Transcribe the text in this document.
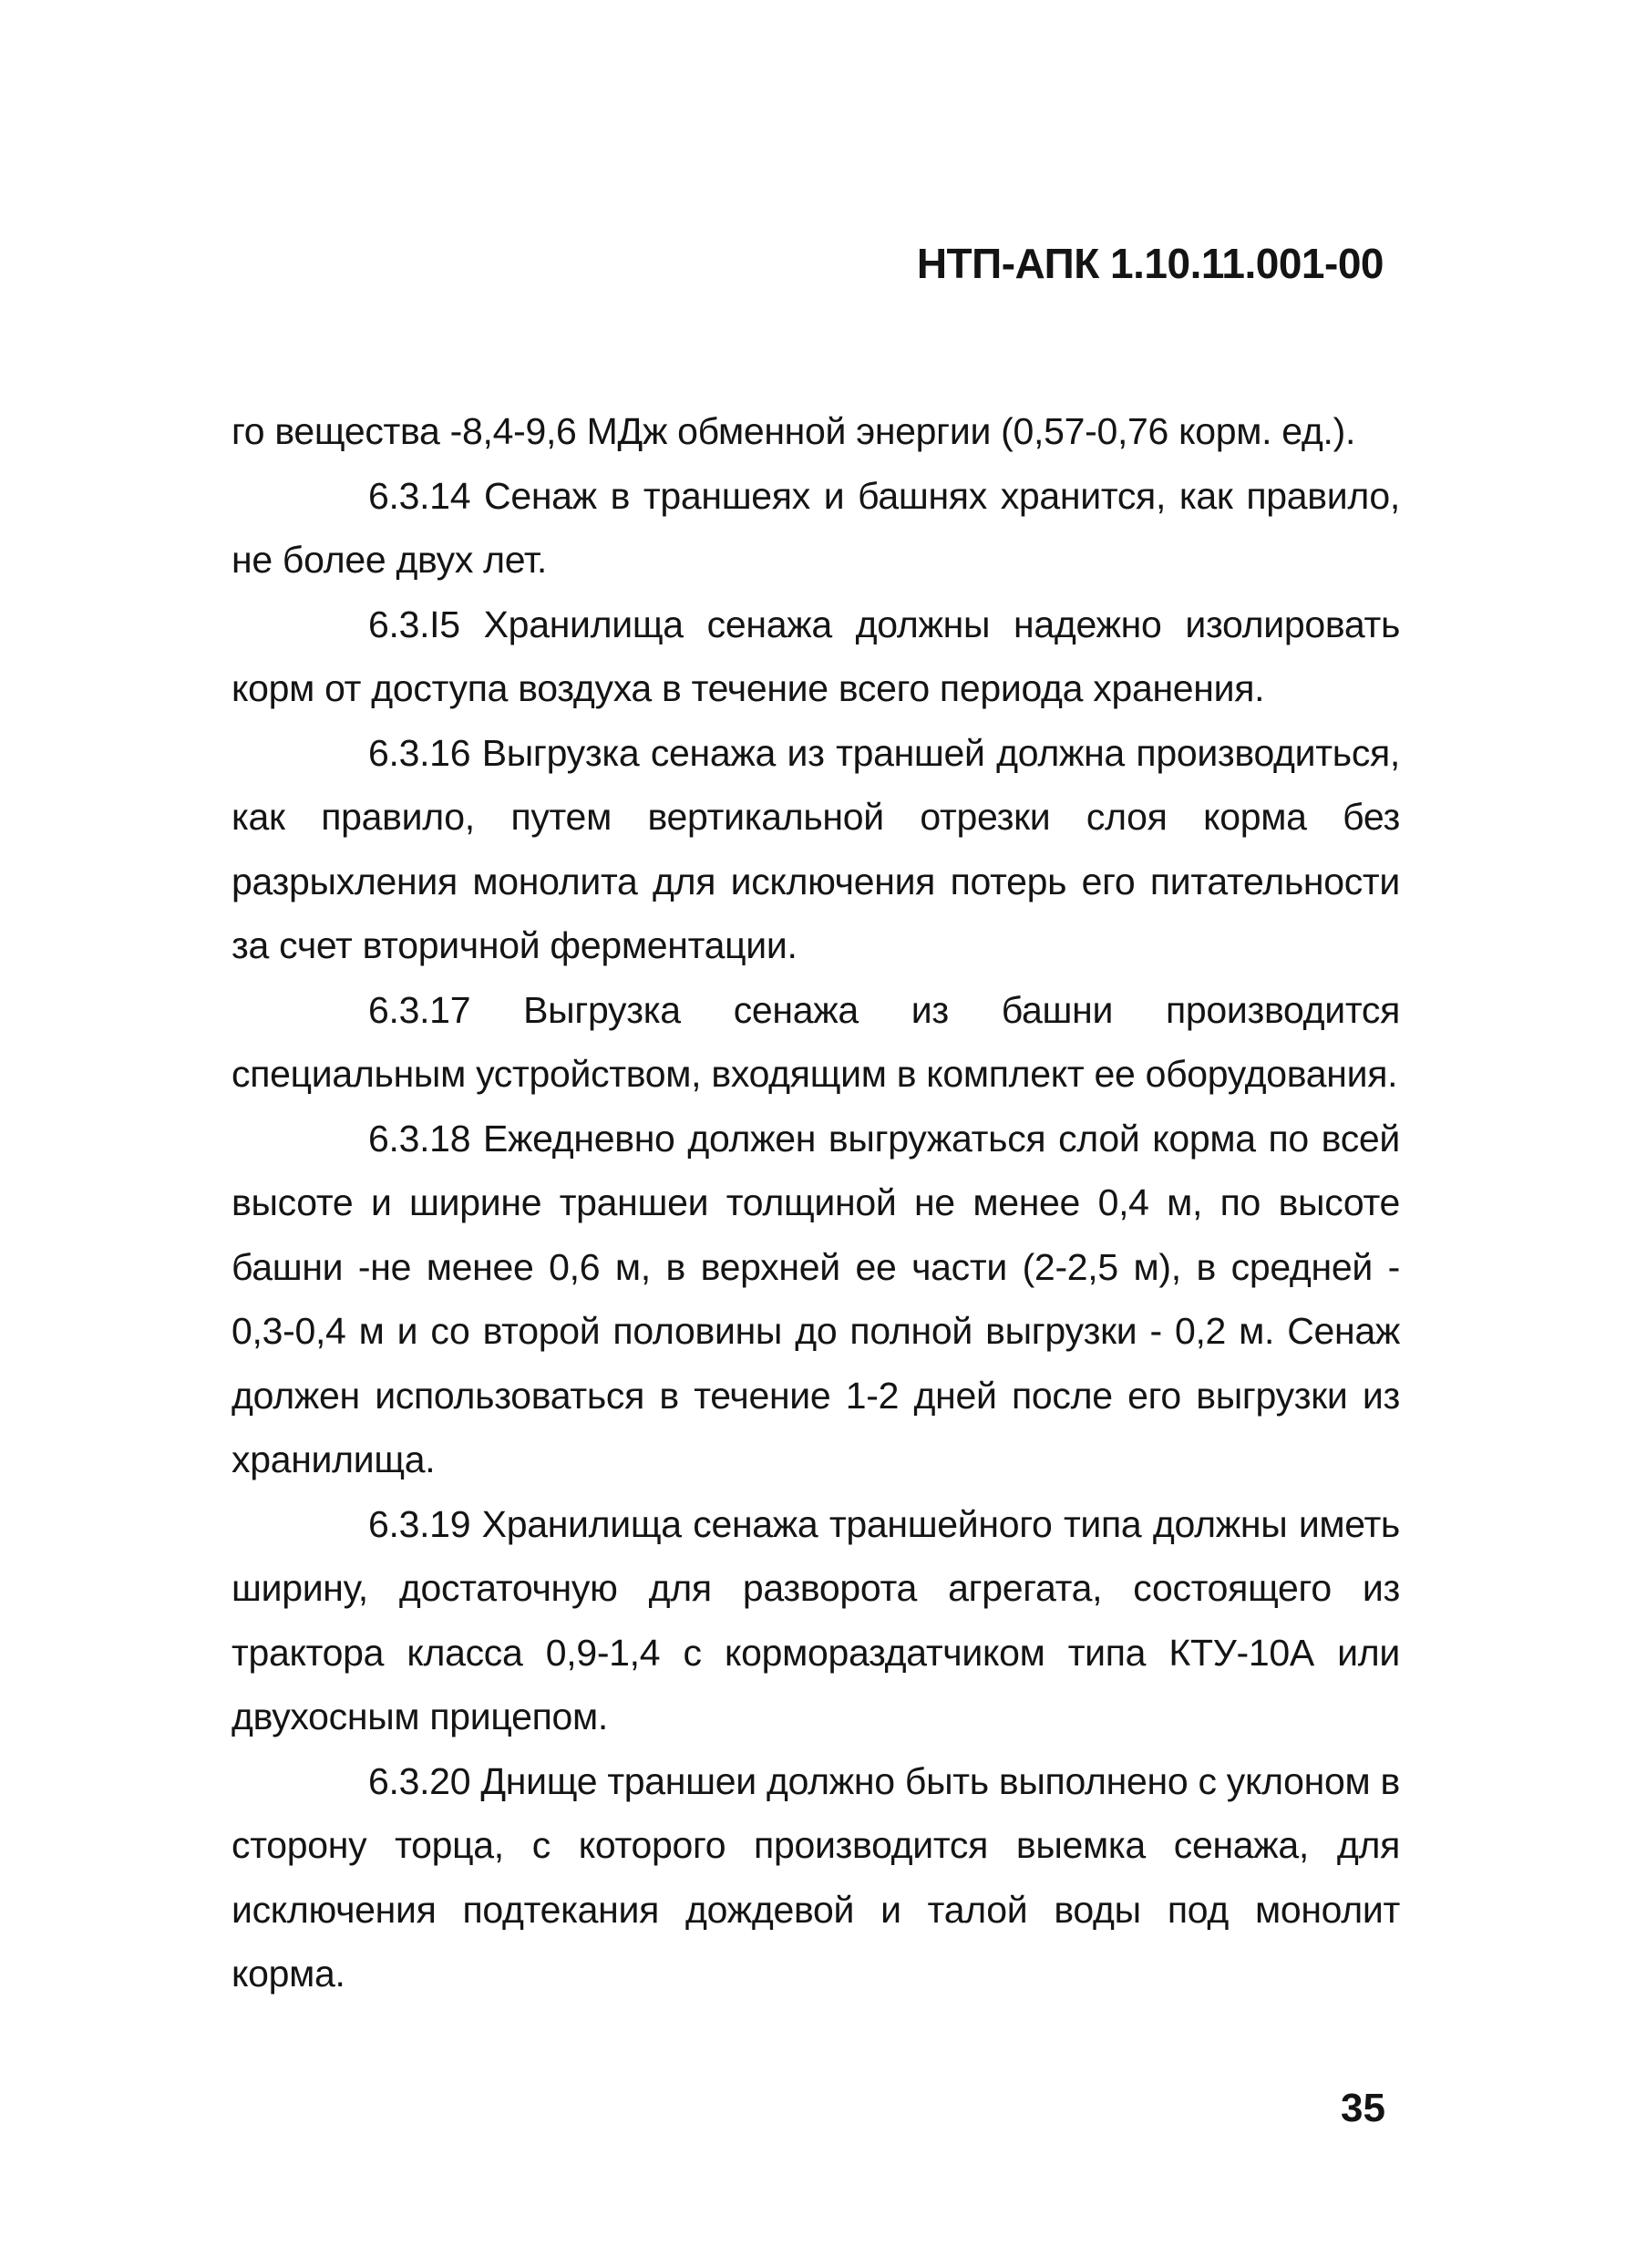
НТП-АПК 1.10.11.001-00

го вещества -8,4-9,6 МДж обменной энергии (0,57-0,76 корм. ед.).

6.3.14 Сенаж в траншеях и башнях хранится, как правило, не более двух лет.

6.3.I5 Хранилища сенажа должны надежно изолировать корм от доступа воздуха в течение всего периода хранения.

6.3.16 Выгрузка сенажа из траншей должна производиться, как правило, путем вертикальной отрезки слоя корма без разрыхления монолита для исключения потерь его питательности за счет вторичной ферментации.

6.3.17 Выгрузка сенажа из башни производится специальным устройством, входящим в комплект ее оборудования.

6.3.18 Ежедневно должен выгружаться слой корма по всей высоте и ширине траншеи толщиной не менее 0,4 м, по высоте башни -не менее 0,6 м, в верхней ее части (2-2,5 м), в средней - 0,3-0,4 м и со второй половины до полной выгрузки - 0,2 м. Сенаж должен использоваться в течение 1-2 дней после его выгрузки из хранилища.

6.3.19 Хранилища сенажа траншейного типа должны иметь ширину, достаточную для разворота агрегата, состоящего из трактора класса 0,9-1,4 с кормораздатчиком типа КТУ-10А или двухосным прицепом.

6.3.20 Днище траншеи должно быть выполнено с уклоном в сторону торца, с которого производится выемка сенажа, для исключения подтекания дождевой и талой воды под монолит корма.

35
